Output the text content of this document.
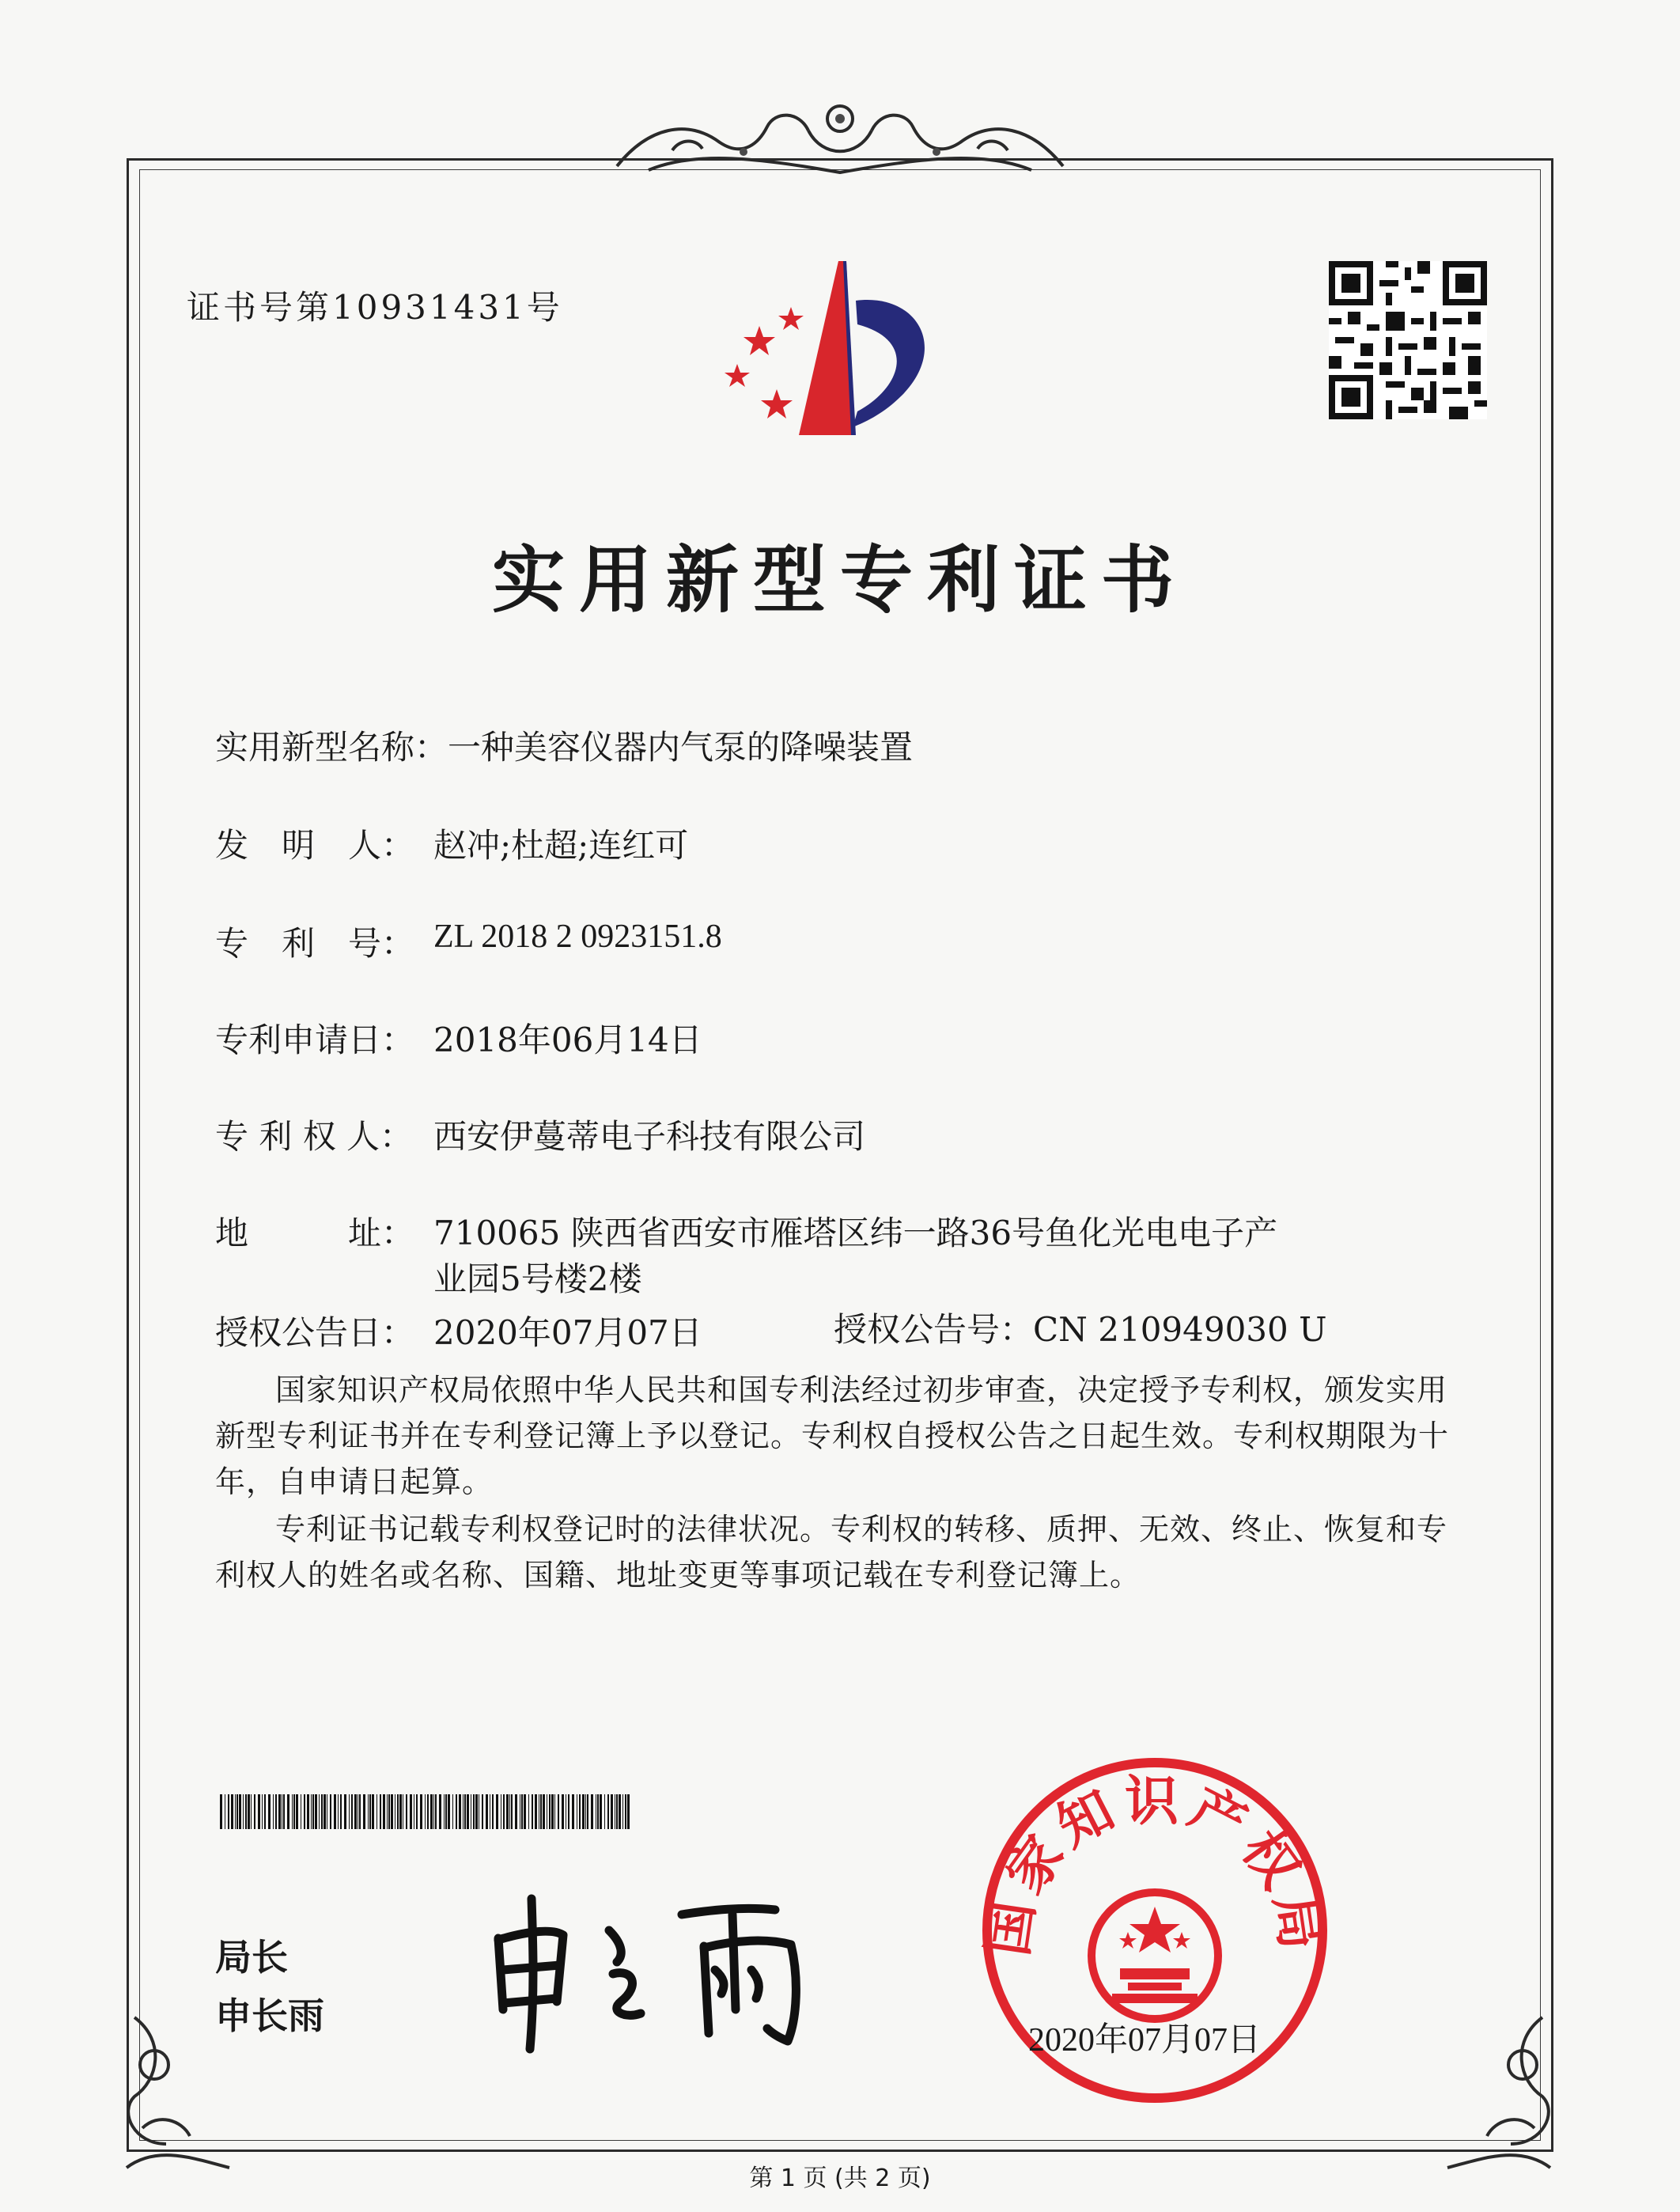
证书号第10931431号
实用新型专利证书
实用新型名称： 一种美容仪器内气泵的降噪装置
发　明　人： 赵冲;杜超;连红可
专　利　号： ZL 2018 2 0923151.8
专利申请日： 2018年06月14日
专 利 权 人： 西安伊蔓蒂电子科技有限公司
地　　　址： 710065 陕西省西安市雁塔区纬一路36号鱼化光电电子产
业园5号楼2楼
授权公告日： 2020年07月07日	授权公告号：CN 210949030 U
国家知识产权局依照中华人民共和国专利法经过初步审查，决定授予专利权，颁发实用新型专利证书并在专利登记簿上予以登记。专利权自授权公告之日起生效。专利权期限为十年，自申请日起算。
专利证书记载专利权登记时的法律状况。专利权的转移、质押、无效、终止、恢复和专利权人的姓名或名称、国籍、地址变更等事项记载在专利登记簿上。
局长
申长雨
国家知识产权局
2020年07月07日
第 1 页 (共 2 页)
